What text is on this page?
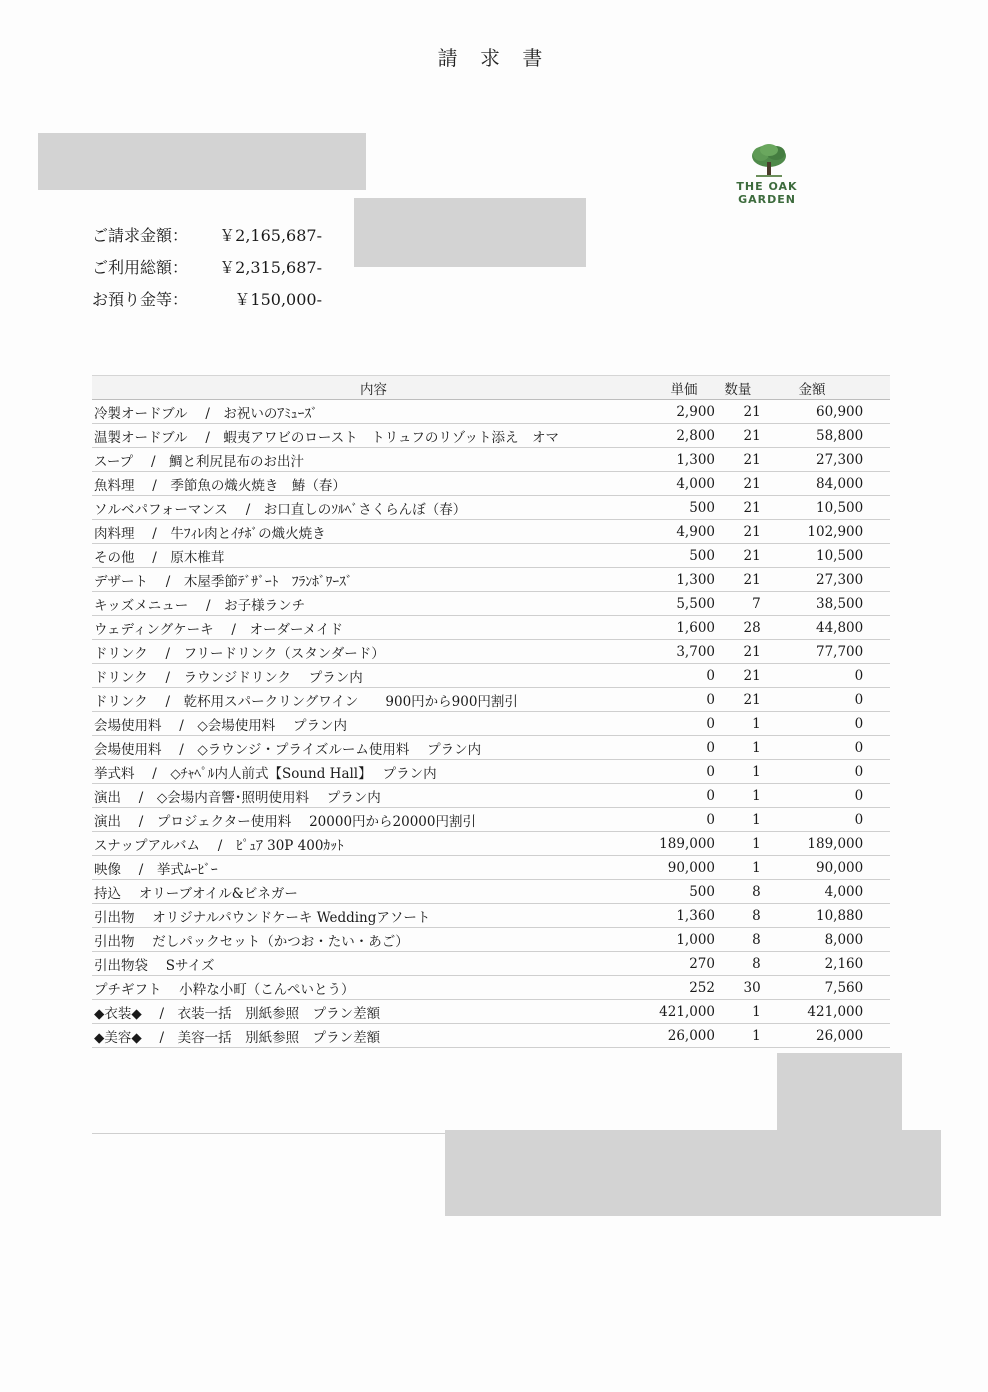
請 求 書
THE OAK GARDEN
ご請求金額：	￥2,165,687-
ご利用総額：	￥2,315,687-
お預り金等：	￥150,000-
内容	単価	数量	金額	
冷製オードブル　 /　お祝いのｱﾐｭｰｽﾞ	2,900	21	60,900	
温製オードブル　 /　蝦夷アワビのロースト　トリュフのリゾット添え　オマ	2,800	21	58,800	
スープ　 /　鯛と利尻昆布のお出汁	1,300	21	27,300	
魚料理　 /　季節魚の熾火焼き　鰆（春）	4,000	21	84,000	
ソルベパフォーマンス　 /　お口直しのｿﾙﾍﾞさくらんぼ（春）	500	21	10,500	
肉料理　 /　牛ﾌｨﾚ肉とｲﾁﾎﾞの熾火焼き	4,900	21	102,900	
その他　 /　原木椎茸	500	21	10,500	
デザート　 /　木屋季節ﾃﾞｻﾞｰﾄ　ﾌﾗﾝﾎﾞﾜｰｽﾞ	1,300	21	27,300	
キッズメニュー　 /　お子様ランチ	5,500	7	38,500	
ウェディングケーキ　 /　オーダーメイド	1,600	28	44,800	
ドリンク　 /　フリードリンク（スタンダード）	3,700	21	77,700	
ドリンク　 /　ラウンジドリンク　 プラン内	0	21	0	
ドリンク　 /　乾杯用スパークリングワイン　　900円から900円割引	0	21	0	
会場使用料　 /　◇会場使用料　 プラン内	0	1	0	
会場使用料　 /　◇ラウンジ・プライズルーム使用料　 プラン内	0	1	0	
挙式料　 /　◇ﾁｬﾍﾟﾙ内人前式【Sound Hall】　 プラン内	0	1	0	
演出　 /　◇会場内音響･照明使用料　 プラン内	0	1	0	
演出　 /　プロジェクター使用料　 20000円から20000円割引	0	1	0	
スナップアルバム　 /　ﾋﾟｭｱ 30P 400ｶｯﾄ	189,000	1	189,000	
映像　 /　挙式ﾑｰﾋﾞｰ	90,000	1	90,000	
持込　 オリーブオイル&ビネガー	500	8	4,000	
引出物　 オリジナルパウンドケーキ Weddingアソート	1,360	8	10,880	
引出物　 だしパックセット（かつお・たい・あご）	1,000	8	8,000	
引出物袋　 Sサイズ	270	8	2,160	
プチギフト　 小粋な小町（こんぺいとう）	252	30	7,560	
◆衣装◆　 /　衣装一括　別紙参照　プラン差額	421,000	1	421,000	
◆美容◆　 /　美容一括　別紙参照　プラン差額	26,000	1	26,000	
